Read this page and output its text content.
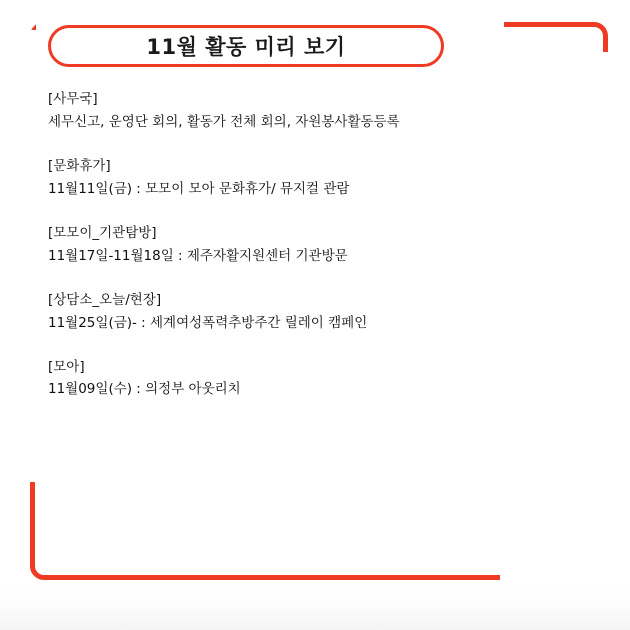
11월 활동 미리 보기
[사무국]
세무신고, 운영단 회의, 활동가 전체 회의, 자원봉사활동등록
[문화휴가]
11월11일(금) : 모모이 모아 문화휴가/ 뮤지컬 관람
[모모이_기관탐방]
11월17일-11월18일 : 제주자활지원센터 기관방문
[상담소_오늘/현장]
11월25일(금)- : 세계여성폭력추방주간 릴레이 캠페인
[모아]
11월09일(수) : 의정부 아웃리치
